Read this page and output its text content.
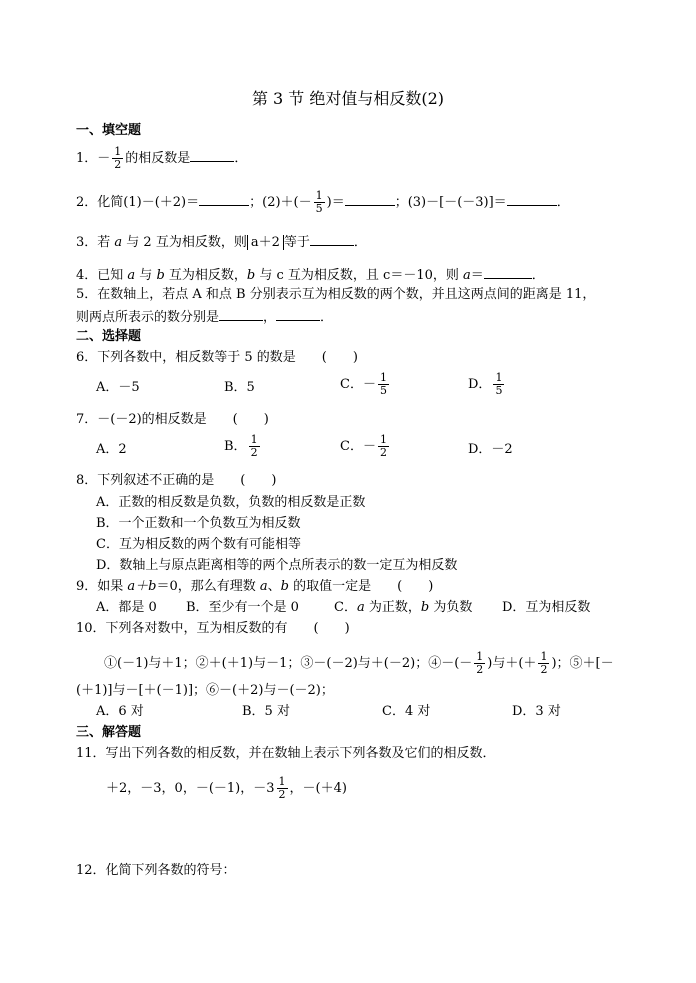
第 3 节 绝对值与相反数(2)
一、填空题
1．－ $\frac{1}{2}$ 的相反数是	．
2．化简(1)－(＋2)＝	；$(2)+(- \frac{1}{5}$ )＝	；(3)－[－(－3)]＝	．
3．若 a 与 2 互为相反数，则 a＋2 等于	．
4．已知 a 与 b 互为相反数，b 与 c 互为相反数，且 c＝－10，则 a＝	．
5．在数轴上，若点 A 和点 B 分别表示互为相反数的两个数，并且这两点间的距离是 11，
则两点所表示的数分别是	，	．
二、选择题
6．下列各数中，相反数等于 5 的数是　　(　　)
A．－5	B．5	C．－ $\frac{1}{5}$	D． $\frac{1}{5}$
7．－(－2)的相反数是　　(　　)
A．2	B． $\frac{1}{2}$	C．－ $\frac{1}{2}$	D．－2
8．下列叙述不正确的是　　(　　)
A．正数的相反数是负数，负数的相反数是正数
B．一个正数和一个负数互为相反数
C．互为相反数的两个数有可能相等
D．数轴上与原点距离相等的两个点所表示的数一定互为相反数
9．如果 a＋b＝0，那么有理数 a、b 的取值一定是　　(　　)
A．都是 0 B．至少有一个是 0	C．a 为正数，b 为负数 D．互为相反数
10．下列各对数中，互为相反数的有　　(　　)
①(－1)与＋1；②＋(＋1)与－1；③－(－2)与＋(－2)；④－(－ $\frac{1}{2}$ )与＋(＋ $\frac{1}{2}$ )；⑤＋[－
(＋1)]与－[＋(－1)]；⑥－(＋2)与－(－2)；
A．6 对	B．5 对	C．4 对	D．3 对
三、解答题
11．写出下列各数的相反数，并在数轴上表示下列各数及它们的相反数．
＋2，－3，0，－(－1)，$-3 \frac{1}{2}$ ，－(＋4)
12．化简下列各数的符号：
